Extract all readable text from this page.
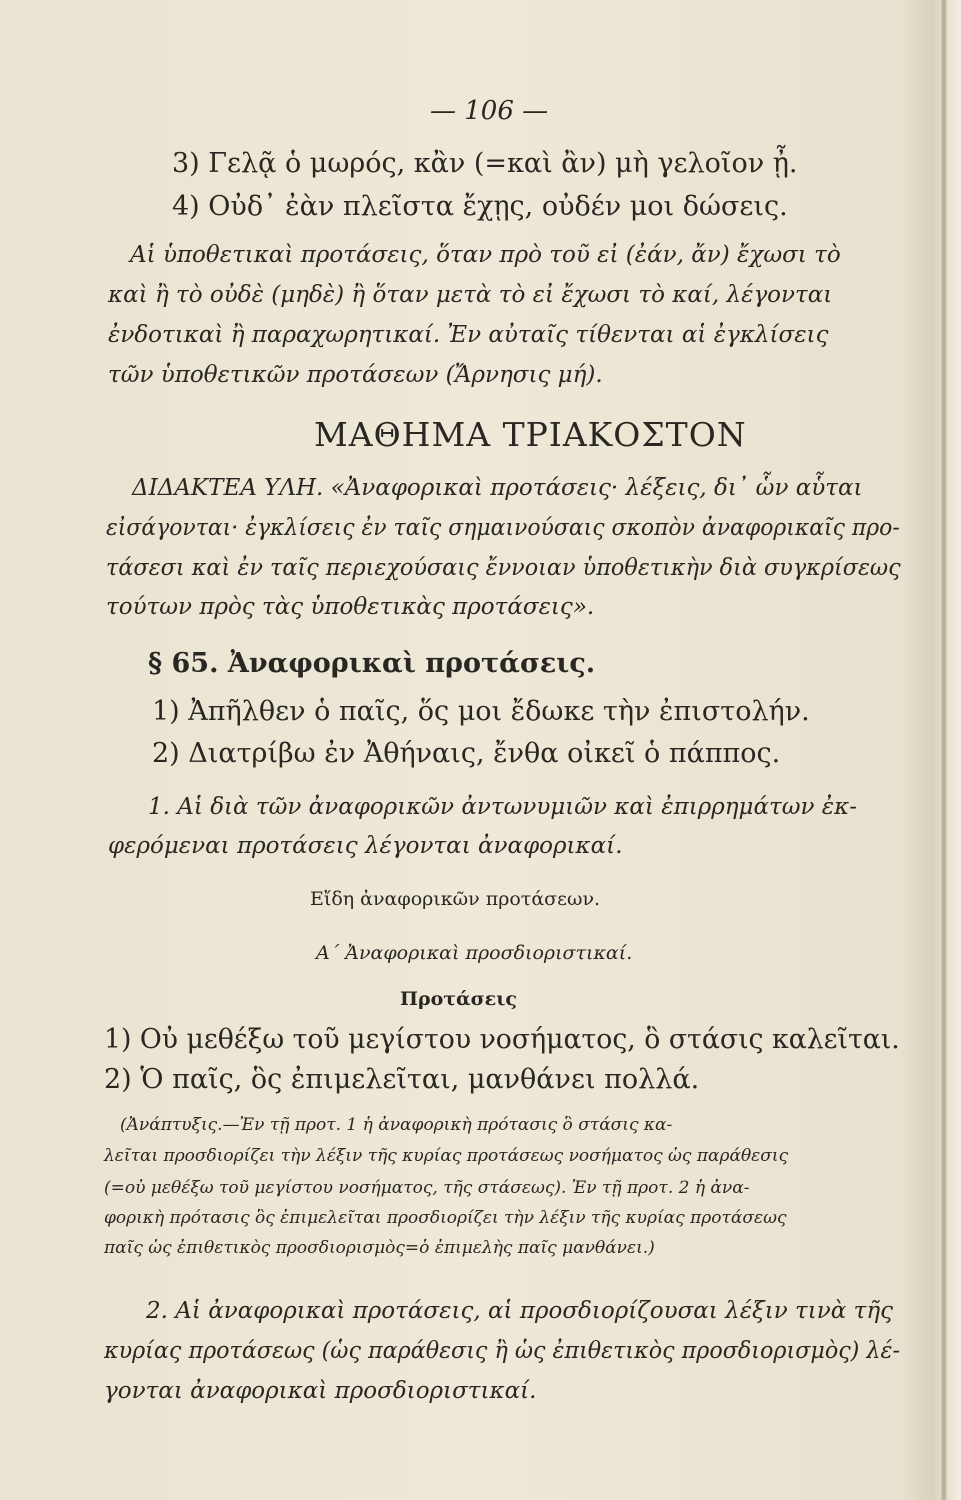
— 106 —
3) Γελᾷ ὁ μωρός, κἂν (=καὶ ἂν) μὴ γελοῖον ᾖ.
4) Οὐδ᾽ ἐὰν πλεῖστα ἔχῃς, οὐδέν μοι δώσεις.
Αἱ ὑποθετικαὶ προτάσεις, ὅταν πρὸ τοῦ εἰ (ἐάν, ἄν) ἔχωσι τὸ
καὶ ἢ τὸ οὐδὲ (μηδὲ) ἢ ὅταν μετὰ τὸ εἰ ἔχωσι τὸ καί, λέγονται
ἐνδοτικαὶ ἢ παραχωρητικαί. Ἐν αὐταῖς τίθενται αἱ ἐγκλίσεις
τῶν ὑποθετικῶν προτάσεων (Ἄρνησις μή).
ΜΑΘΗΜΑ ΤΡΙΑΚΟΣΤΟΝ
ΔΙΔΑΚΤΕΑ ΥΛΗ. «Ἀναφορικαὶ προτάσεις· λέξεις, δι᾽ ὧν αὗται
εἰσάγονται· ἐγκλίσεις ἐν ταῖς σημαινούσαις σκοπὸν ἀναφορικαῖς προ-
τάσεσι καὶ ἐν ταῖς περιεχούσαις ἔννοιαν ὑποθετικὴν διὰ συγκρίσεως
τούτων πρὸς τὰς ὑποθετικὰς προτάσεις».
§ 65. Ἀναφορικαὶ προτάσεις.
1) Ἀπῆλθεν ὁ παῖς, ὅς μοι ἔδωκε τὴν ἐπιστολήν.
2) Διατρίβω ἐν Ἀθήναις, ἔνθα οἰκεῖ ὁ πάππος.
1. Αἱ διὰ τῶν ἀναφορικῶν ἀντωνυμιῶν καὶ ἐπιρρημάτων ἐκ-
φερόμεναι προτάσεις λέγονται ἀναφορικαί.
Εἴδη ἀναφορικῶν προτάσεων.
Α´ Ἀναφορικαὶ προσδιοριστικαί.
Προτάσεις
1) Οὐ μεθέξω τοῦ μεγίστου νοσήματος, ὃ στάσις καλεῖται.
2) Ὁ παῖς, ὃς ἐπιμελεῖται, μανθάνει πολλά.
(Ἀνάπτυξις.—Ἐν τῇ προτ. 1 ἡ ἀναφορικὴ πρότασις ὃ στάσις κα-
λεῖται προσδιορίζει τὴν λέξιν τῆς κυρίας προτάσεως νοσήματος ὡς παράθεσις
(=οὐ μεθέξω τοῦ μεγίστου νοσήματος, τῆς στάσεως). Ἐν τῇ προτ. 2 ἡ ἀνα-
φορικὴ πρότασις ὃς ἐπιμελεῖται προσδιορίζει τὴν λέξιν τῆς κυρίας προτάσεως
παῖς ὡς ἐπιθετικὸς προσδιορισμὸς=ὁ ἐπιμελὴς παῖς μανθάνει.)
2. Αἱ ἀναφορικαὶ προτάσεις, αἱ προσδιορίζουσαι λέξιν τινὰ τῆς
κυρίας προτάσεως (ὡς παράθεσις ἢ ὡς ἐπιθετικὸς προσδιορισμὸς) λέ-
γονται ἀναφορικαὶ προσδιοριστικαί.
